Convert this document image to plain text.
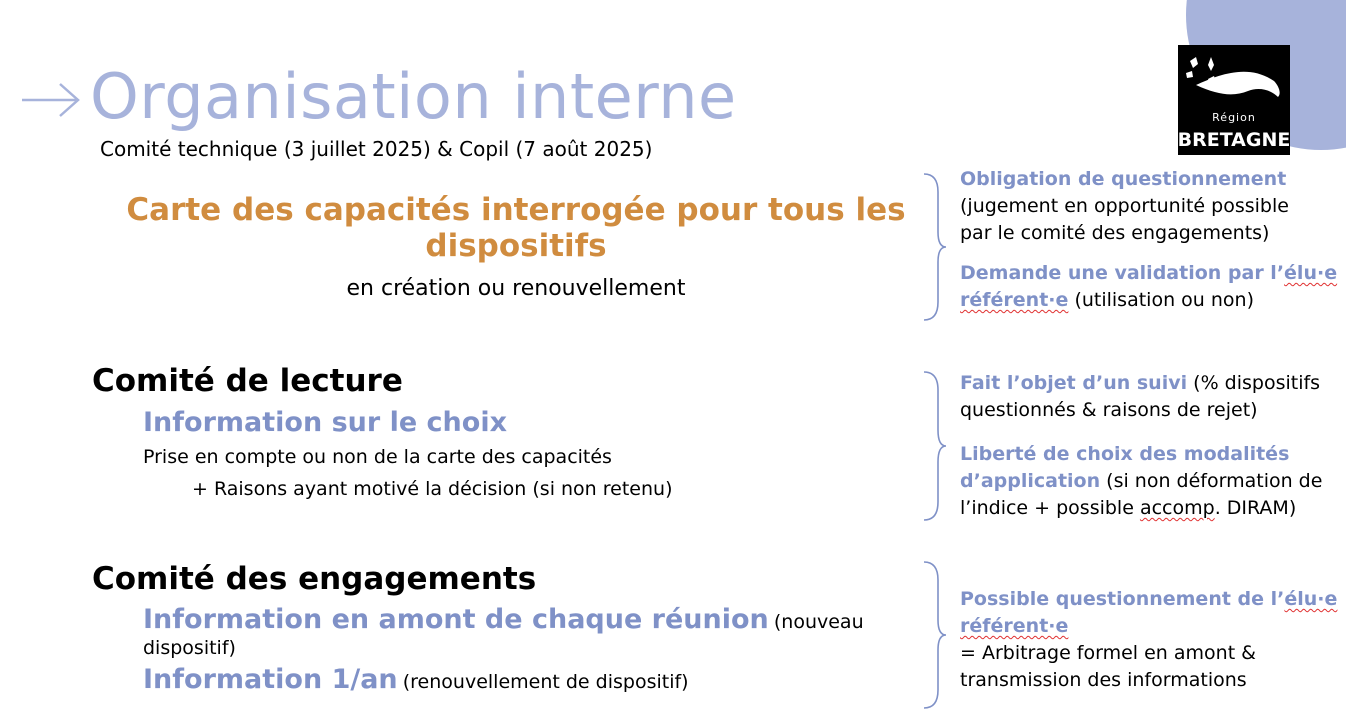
Région
BRETAGNE
Organisation interne
Comité technique (3 juillet 2025) & Copil (7 août 2025)
Carte des capacités interrogée pour tous les dispositifs
en création ou renouvellement
Comité de lecture
Information sur le choix
Prise en compte ou non de la carte des capacités
+ Raisons ayant motivé la décision (si non retenu)
Comité des engagements
Information en amont de chaque réunion (nouveau
dispositif)
Information 1/an (renouvellement de dispositif)
Obligation de questionnement
(jugement en opportunité possible
par le comité des engagements)
Demande une validation par l’élu·e
référent·e (utilisation ou non)
Fait l’objet d’un suivi (% dispositifs
questionnés & raisons de rejet)
Liberté de choix des modalités
d’application (si non déformation de
l’indice + possible accomp. DIRAM)
Possible questionnement de l’élu·e
référent·e
= Arbitrage formel en amont &
transmission des informations
